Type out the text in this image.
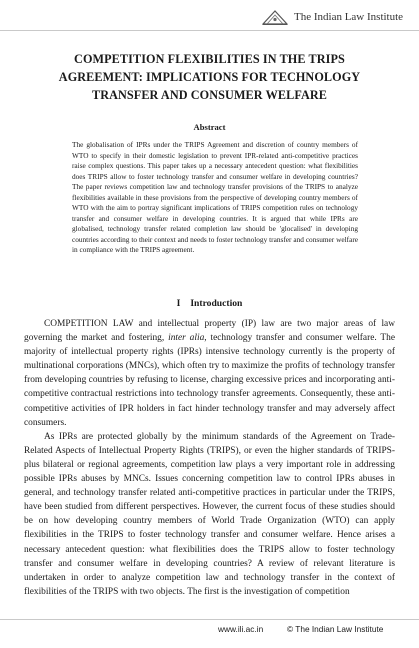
The Indian Law Institute
COMPETITION FLEXIBILITIES IN THE TRIPS AGREEMENT: IMPLICATIONS FOR TECHNOLOGY TRANSFER AND CONSUMER WELFARE
Abstract

The globalisation of IPRs under the TRIPS Agreement and discretion of country members of WTO to specify in their domestic legislation to prevent IPR-related anti-competitive practices raise complex questions. This paper takes up a necessary antecedent question: what flexibilities does TRIPS allow to foster technology transfer and consumer welfare in developing countries? The paper reviews competition law and technology transfer provisions of the TRIPS to analyze flexibilities available in these provisions from the perspective of developing country members of WTO with the aim to portray significant implications of TRIPS competition rules on technology transfer and consumer welfare in developing countries. It is argued that while IPRs are globalised, technology transfer related completion law should be 'glocalised' in developing countries according to their context and needs to foster technology transfer and consumer welfare in compliance with the TRIPS agreement.

I Introduction

COMPETITION LAW and intellectual property (IP) law are two major areas of law governing the market and fostering, inter alia, technology transfer and consumer welfare. The majority of intellectual property rights (IPRs) intensive technology currently is the property of multinational corporations (MNCs), which often try to maximize the profits of technology transfer from developing countries by refusing to license, charging excessive prices and incorporating anti-competitive contractual restrictions into technology transfer agreements. Consequently, these anti-competitive activities of IPR holders in fact hinder technology transfer and may adversely affect consumers.

As IPRs are protected globally by the minimum standards of the Agreement on Trade-Related Aspects of Intellectual Property Rights (TRIPS), or even the higher standards of TRIPS-plus bilateral or regional agreements, competition law plays a very important role in addressing possible IPRs abuses by MNCs. Issues concerning competition law to control IPRs abuses in general, and technology transfer related anti-competitive practices in particular under the TRIPS, have been studied from different perspectives. However, the current focus of these studies should be on how developing country members of World Trade Organization (WTO) can apply flexibilities in the TRIPS to foster technology transfer and consumer welfare. Hence arises a necessary antecedent question: what flexibilities does the TRIPS allow to foster technology transfer and consumer welfare in developing countries? A review of relevant literature is undertaken in order to analyze competition law and technology transfer in the context of flexibilities of the TRIPS with two objects. The first is the investigation of competition

www.ili.ac.in	© The Indian Law Institute
